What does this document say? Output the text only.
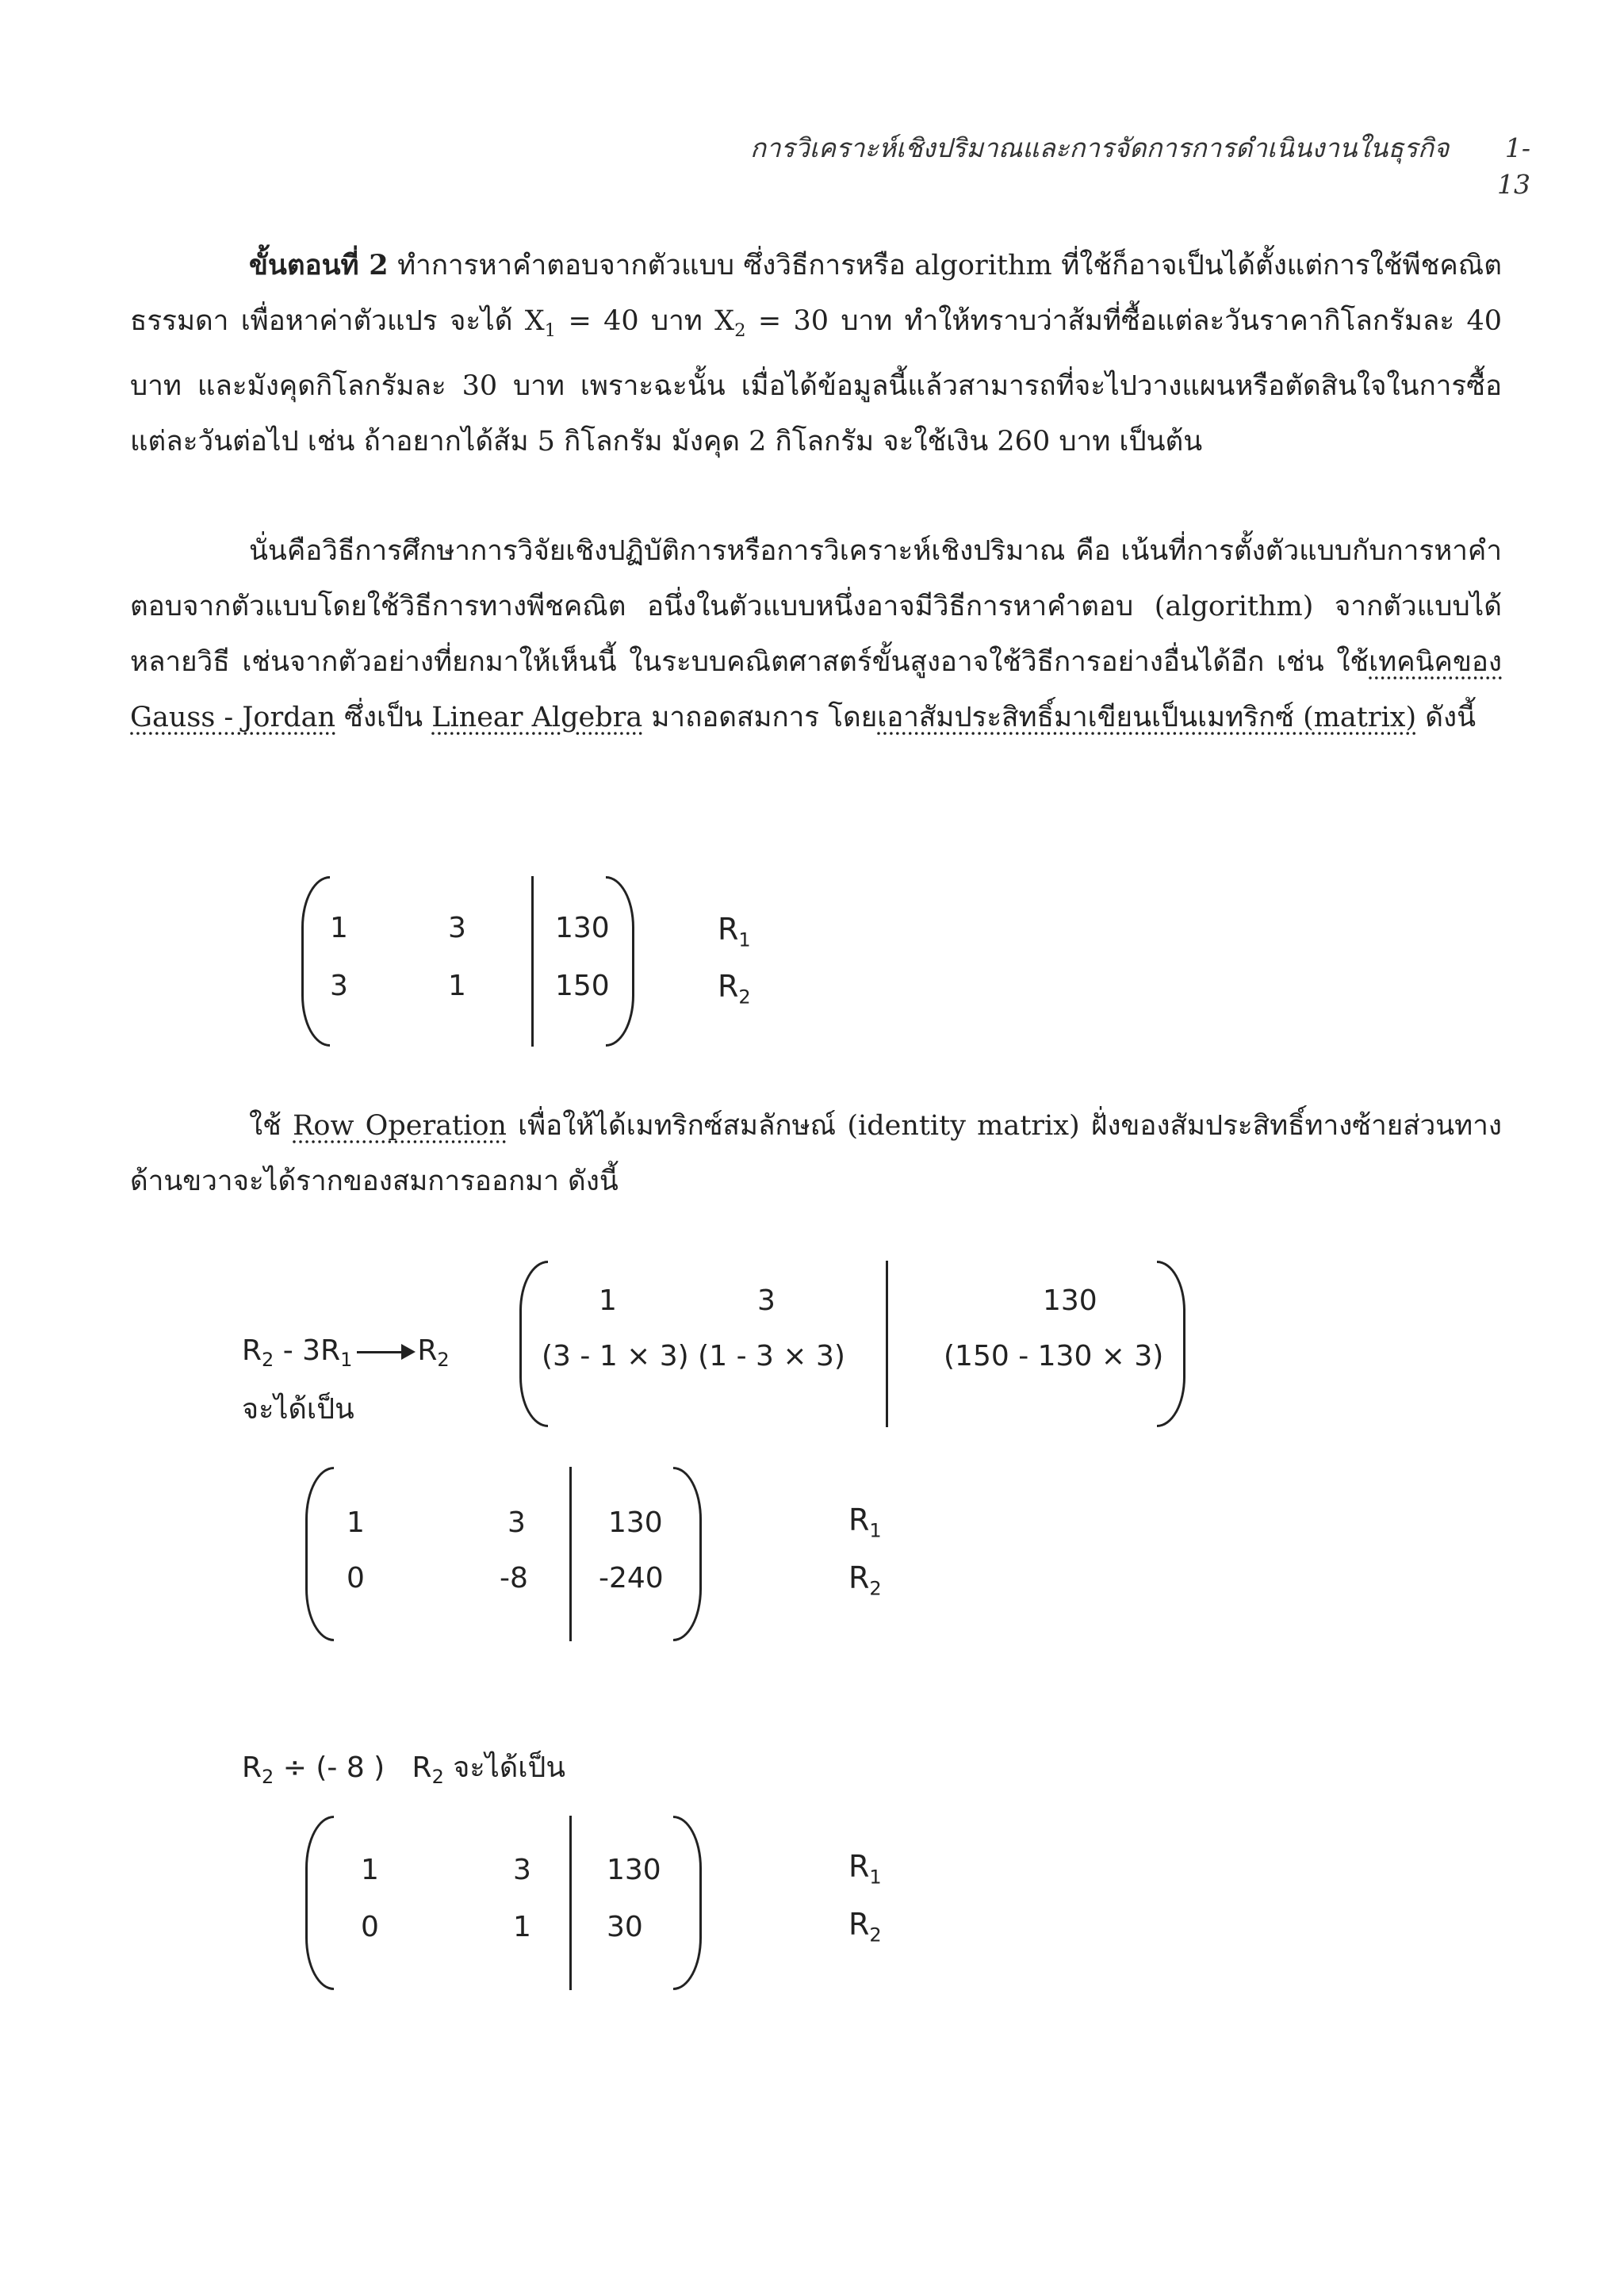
การวิเคราะห์เชิงปริมาณและการจัดการการดำเนินงานในธุรกิจ 1-13

ขั้นตอนที่ 2 ทำการหาคำตอบจากตัวแบบ ซึ่งวิธีการหรือ algorithm ที่ใช้ก็อาจเป็นได้ตั้งแต่การใช้พีชคณิตธรรมดา เพื่อหาค่าตัวแปร จะได้ $X_1 = 40$ บาท $X_2 = 30$ บาท ทำให้ทราบว่าส้มที่ซื้อแต่ละวันราคากิโลกรัมละ 40 บาท และมังคุดกิโลกรัมละ 30 บาท เพราะฉะนั้น เมื่อได้ข้อมูลนี้แล้วสามารถที่จะไปวางแผนหรือตัดสินใจในการซื้อแต่ละวันต่อไป เช่น ถ้าอยากได้ส้ม 5 กิโลกรัม มังคุด 2 กิโลกรัม จะใช้เงิน 260 บาท เป็นต้น

นั่นคือวิธีการศึกษาการวิจัยเชิงปฏิบัติการหรือการวิเคราะห์เชิงปริมาณ คือ เน้นที่การตั้งตัวแบบกับการหาคำตอบจากตัวแบบโดยใช้วิธีการทางพีชคณิต อนึ่งในตัวแบบหนึ่งอาจมีวิธีการหาคำตอบ (algorithm) จากตัวแบบได้หลายวิธี เช่นจากตัวอย่างที่ยกมาให้เห็นนี้ ในระบบคณิตศาสตร์ขั้นสูงอาจใช้วิธีการอย่างอื่นได้อีก เช่น ใช้เทคนิคของ Gauss - Jordan ซึ่งเป็น Linear Algebra มาถอดสมการ โดยเอาสัมประสิทธิ์มาเขียนเป็นเมทริกซ์ (matrix) ดังนี้

1	3	130
3	1	150
$R_1$
$R_2$

ใช้ Row Operation เพื่อให้ได้เมทริกซ์สมลักษณ์ (identity matrix) ฝั่งของสัมประสิทธิ์ทางซ้ายส่วนทางด้านขวาจะได้รากของสมการออกมา ดังนี้

$R_2 - 3R_1$ $R_2$
จะได้เป็น
1	3	130
(3 - 1 × 3) (1 - 3 × 3)	(150 - 130 × 3)
1	3	130
0	-8 -240
$R_1$
$R_2$
$R_2$ ÷ (- 8 )   $R_2$ จะได้เป็น
1	3	130
0	1	30
$R_1$
$R_2$
